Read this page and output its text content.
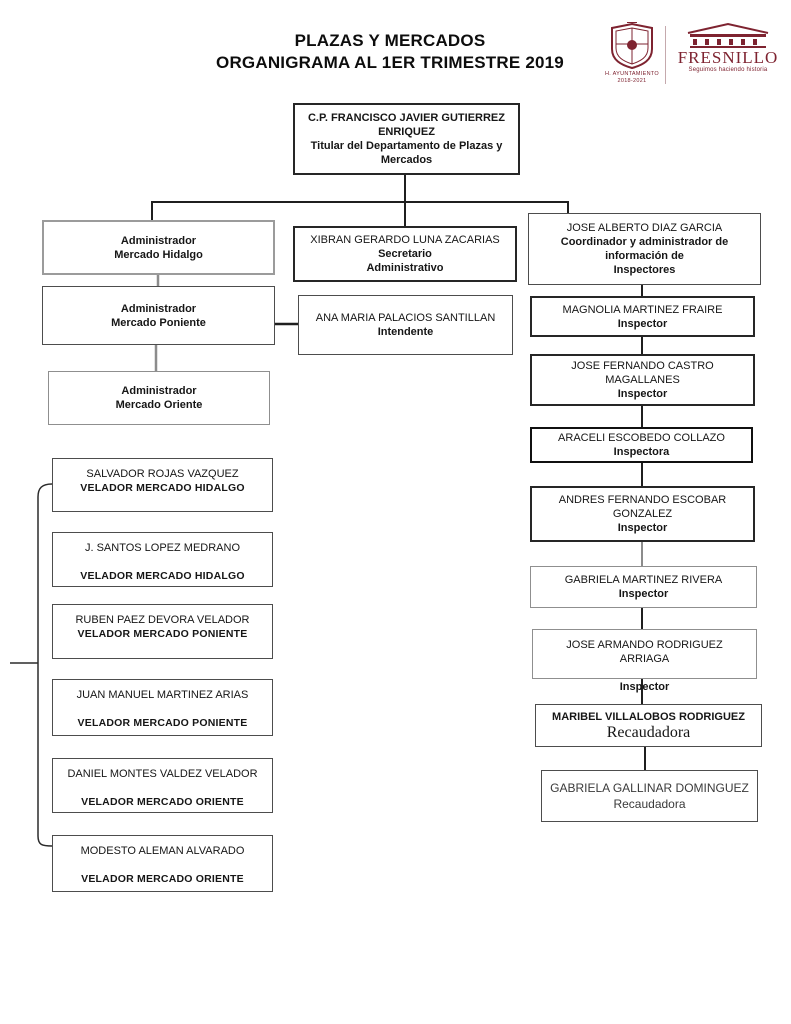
PLAZAS Y MERCADOS
ORGANIGRAMA AL 1ER TRIMESTRE 2019
H. AYUNTAMIENTO
2018-2021
FRESNILLO
Seguimos haciendo historia
C.P. FRANCISCO JAVIER GUTIERREZ ENRIQUEZ
Titular del Departamento de Plazas y Mercados
Administrador
Mercado Hidalgo
Administrador
Mercado Poniente
Administrador
Mercado Oriente
XIBRAN GERARDO LUNA ZACARIAS
Secretario
Administrativo
ANA MARIA PALACIOS SANTILLAN
Intendente
JOSE ALBERTO DIAZ GARCIA
Coordinador y administrador de
información de
Inspectores
MAGNOLIA MARTINEZ FRAIRE
Inspector
JOSE FERNANDO CASTRO MAGALLANES
Inspector
ARACELI ESCOBEDO COLLAZO
Inspectora
ANDRES FERNANDO ESCOBAR GONZALEZ
Inspector
GABRIELA MARTINEZ RIVERA
Inspector
JOSE ARMANDO RODRIGUEZ ARRIAGA
Inspector
MARIBEL VILLALOBOS RODRIGUEZ
Recaudadora
GABRIELA GALLINAR DOMINGUEZ
Recaudadora
SALVADOR ROJAS VAZQUEZ
VELADOR MERCADO HIDALGO
J. SANTOS LOPEZ MEDRANO
VELADOR MERCADO HIDALGO
RUBEN PAEZ DEVORA VELADOR
VELADOR MERCADO PONIENTE
JUAN MANUEL MARTINEZ ARIAS
VELADOR MERCADO PONIENTE
DANIEL MONTES VALDEZ VELADOR
VELADOR MERCADO ORIENTE
MODESTO ALEMAN ALVARADO
VELADOR MERCADO ORIENTE
